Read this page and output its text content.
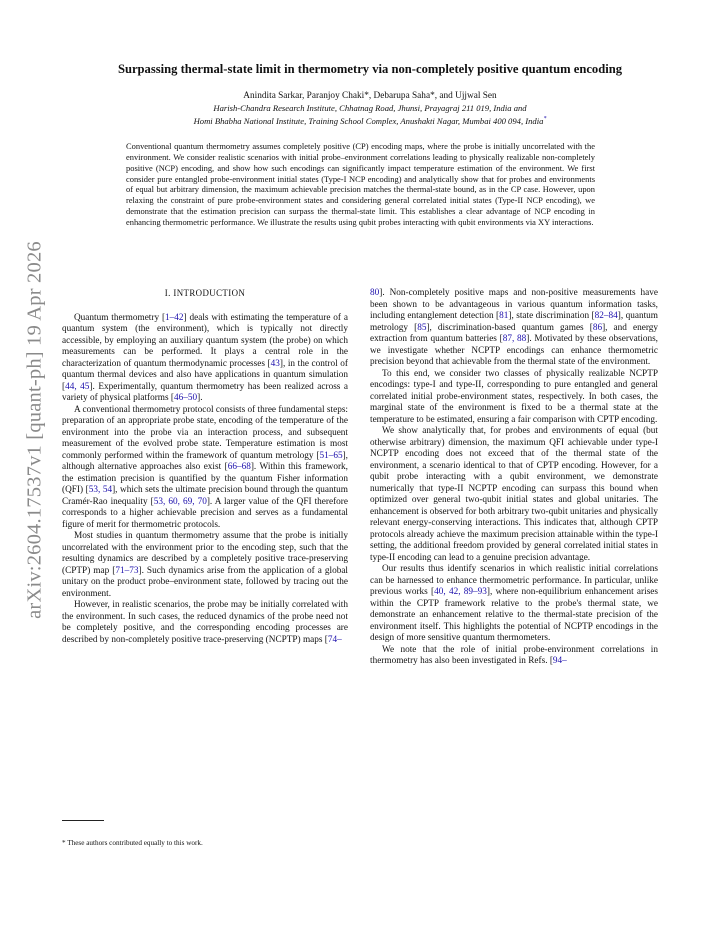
arXiv:2604.17537v1 [quant-ph] 19 Apr 2026
Surpassing thermal-state limit in thermometry via non-completely positive quantum encoding
Anindita Sarkar, Paranjoy Chaki*, Debarupa Saha*, and Ujjwal Sen
Harish-Chandra Research Institute, Chhatnag Road, Jhunsi, Prayagraj 211 019, India and
Homi Bhabha National Institute, Training School Complex, Anushakti Nagar, Mumbai 400 094, India*
Conventional quantum thermometry assumes completely positive (CP) encoding maps, where the probe is initially uncorrelated with the environment. We consider realistic scenarios with initial probe–environment correlations leading to physically realizable non-completely positive (NCP) encoding, and show how such encodings can significantly impact temperature estimation of the environment. We first consider pure entangled probe-environment initial states (Type-I NCP encoding) and analytically show that for probes and environments of equal but arbitrary dimension, the maximum achievable precision matches the thermal-state bound, as in the CP case. However, upon relaxing the constraint of pure probe-environment states and considering general correlated initial states (Type-II NCP encoding), we demonstrate that the estimation precision can surpass the thermal-state limit. This establishes a clear advantage of NCP encoding in enhancing thermometric performance. We illustrate the results using qubit probes interacting with qubit environments via XY interactions.
I. INTRODUCTION

Quantum thermometry [1–42] deals with estimating the temperature of a quantum system (the environment), which is typically not directly accessible, by employing an auxiliary quantum system (the probe) on which measurements can be performed. It plays a central role in the characterization of quantum thermodynamic processes [43], in the control of quantum thermal devices and also have applications in quantum simulation [44, 45]. Experimentally, quantum thermometry has been realized across a variety of physical platforms [46–50].

A conventional thermometry protocol consists of three fundamental steps: preparation of an appropriate probe state, encoding of the temperature of the environment into the probe via an interaction process, and subsequent measurement of the evolved probe state. Temperature estimation is most commonly performed within the framework of quantum metrology [51–65], although alternative approaches also exist [66–68]. Within this framework, the estimation precision is quantified by the quantum Fisher information (QFI) [53, 54], which sets the ultimate precision bound through the quantum Cramér-Rao inequality [53, 60, 69, 70]. A larger value of the QFI therefore corresponds to a higher achievable precision and serves as a fundamental figure of merit for thermometric protocols.

Most studies in quantum thermometry assume that the probe is initially uncorrelated with the environment prior to the encoding step, such that the resulting dynamics are described by a completely positive trace-preserving (CPTP) map [71–73]. Such dynamics arise from the application of a global unitary on the product probe–environment state, followed by tracing out the environment.

However, in realistic scenarios, the probe may be initially correlated with the environment. In such cases, the reduced dynamics of the probe need not be completely positive, and the corresponding encoding processes are described by non-completely positive trace-preserving (NCPTP) maps [74–

* These authors contributed equally to this work.

80]. Non-completely positive maps and non-positive measurements have been shown to be advantageous in various quantum information tasks, including entanglement detection [81], state discrimination [82–84], quantum metrology [85], discrimination-based quantum games [86], and energy extraction from quantum batteries [87, 88]. Motivated by these observations, we investigate whether NCPTP encodings can enhance thermometric precision beyond that achievable from the thermal state of the environment.

To this end, we consider two classes of physically realizable NCPTP encodings: type-I and type-II, corresponding to pure entangled and general correlated initial probe-environment states, respectively. In both cases, the marginal state of the environment is fixed to be a thermal state at the temperature to be estimated, ensuring a fair comparison with CPTP encoding.

We show analytically that, for probes and environments of equal (but otherwise arbitrary) dimension, the maximum QFI achievable under type-I NCPTP encoding does not exceed that of the thermal state of the environment, a scenario identical to that of CPTP encoding. However, for a qubit probe interacting with a qubit environment, we demonstrate numerically that type-II NCPTP encoding can surpass this bound when optimized over general two-qubit initial states and global unitaries. The enhancement is observed for both arbitrary two-qubit unitaries and physically relevant energy-conserving interactions. This indicates that, although CPTP protocols already achieve the maximum precision attainable within the type-I setting, the additional freedom provided by general correlated initial states in type-II encoding can lead to a genuine precision advantage.

Our results thus identify scenarios in which realistic initial correlations can be harnessed to enhance thermometric performance. In particular, unlike previous works [40, 42, 89–93], where non-equilibrium enhancement arises within the CPTP framework relative to the probe's thermal state, we demonstrate an enhancement relative to the thermal-state precision of the environment itself. This highlights the potential of NCPTP encodings in the design of more sensitive quantum thermometers.

We note that the role of initial probe-environment correlations in thermometry has also been investigated in Refs. [94–
